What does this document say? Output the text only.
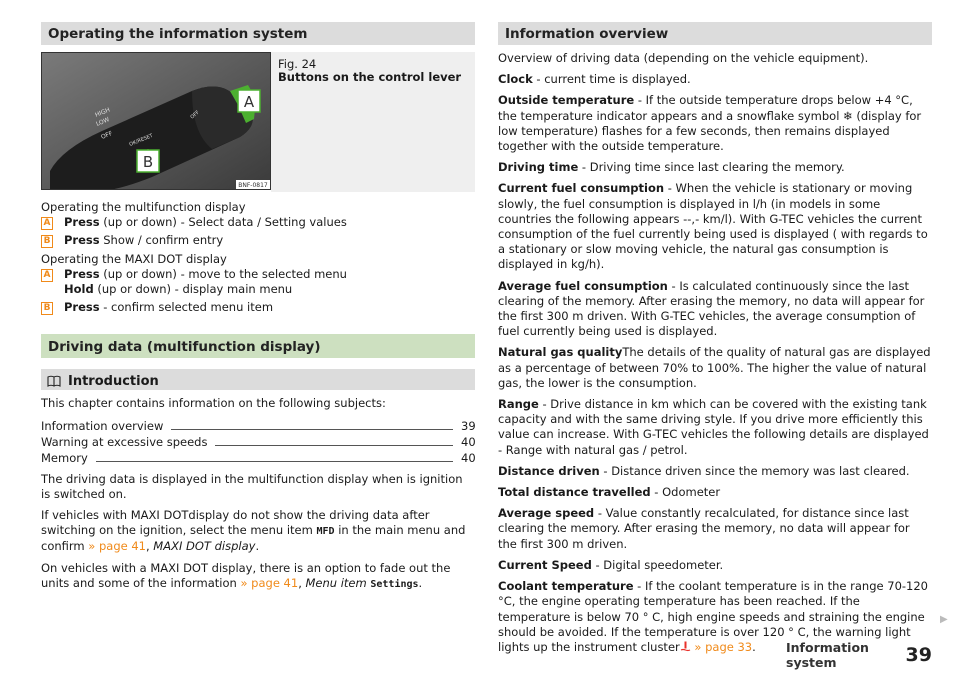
Operating the information system
HIGH
LOW
OFF	OK/RESET
OFF
A
B
BNF-0817
Fig. 24
Buttons on the control lever
Operating the multifunction display
A	Press (up or down) - Select data / Setting values
B	Press Show / confirm entry
Operating the MAXI DOT display
A	Press (up or down) - move to the selected menu
Hold (up or down) - display main menu
B	Press - confirm selected menu item
Driving data (multifunction display)
Introduction
This chapter contains information on the following subjects:
Information overview	39
Warning at excessive speeds	40
Memory	40
The driving data is displayed in the multifunction display when is ignition is switched on.
If vehicles with MAXI DOTdisplay do not show the driving data after switching on the ignition, select the menu item MFD in the main menu and confirm » page 41, MAXI DOT display.
On vehicles with a MAXI DOT display, there is an option to fade out the units and some of the information » page 41, Menu item Settings.
Information overview
Overview of driving data (depending on the vehicle equipment).
Clock - current time is displayed.
Outside temperature - If the outside temperature drops below +4 °C, the temperature indicator appears and a snowflake symbol ❄ (display for low temperature) flashes for a few seconds, then remains displayed together with the outside temperature.
Driving time - Driving time since last clearing the memory.
Current fuel consumption - When the vehicle is stationary or moving slowly, the fuel consumption is displayed in l/h (in models in some countries the following appears --,- km/l). With G-TEC vehicles the current consumption of the fuel currently being used is displayed ( with regards to a stationary or slow moving vehicle, the natural gas consumption is displayed in kg/h).
Average fuel consumption - Is calculated continuously since the last clearing of the memory. After erasing the memory, no data will appear for the first 300 m driven. With G-TEC vehicles, the average consumption of fuel currently being used is displayed.
Natural gas qualityThe details of the quality of natural gas are displayed as a percentage of between 70% to 100%. The higher the value of natural gas, the lower is the consumption.
Range - Drive distance in km which can be covered with the existing tank capacity and with the same driving style. If you drive more efficiently this value can increase. With G-TEC vehicles the following details are displayed - Range with natural gas / petrol.
Distance driven - Distance driven since the memory was last cleared.
Total distance travelled - Odometer
Average speed - Value constantly recalculated, for distance since last clearing the memory. After erasing the memory, no data will appear for the first 300 m driven.
Current Speed - Digital speedometer.
Coolant temperature - If the coolant temperature is in the range 70-120 °C, the engine operating temperature has been reached. If the temperature is below 70 ° C, high engine speeds and straining the engine should be avoided. If the temperature is over 120 ° C, the warning light lights up the instrument cluster » page 33.
▶
Information system	39
